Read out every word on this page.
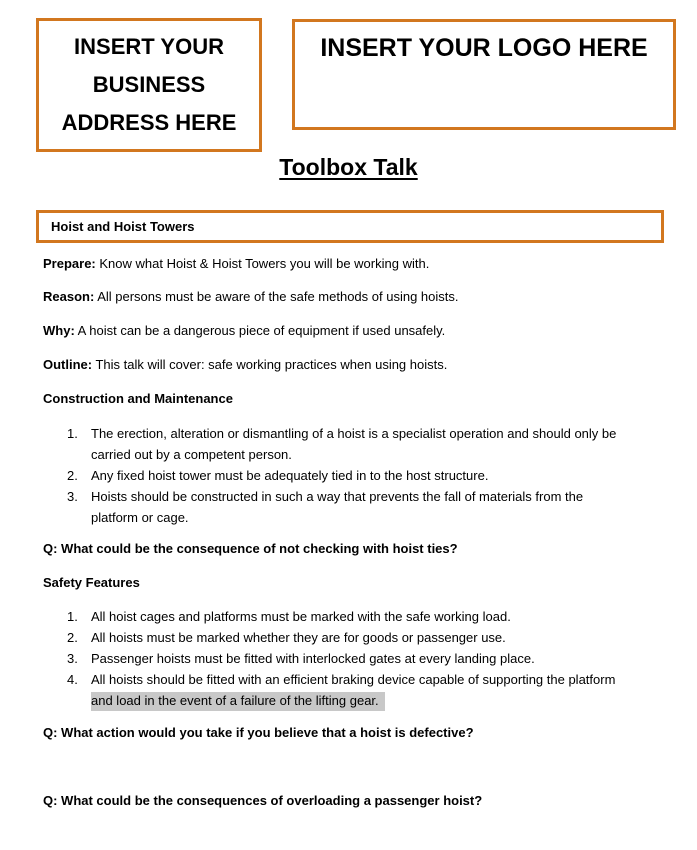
INSERT YOUR
BUSINESS
ADDRESS HERE
INSERT YOUR LOGO HERE
Toolbox Talk
Hoist and Hoist Towers
Prepare: Know what Hoist & Hoist Towers you will be working with.
Reason: All persons must be aware of the safe methods of using hoists.
Why: A hoist can be a dangerous piece of equipment if used unsafely.
Outline: This talk will cover: safe working practices when using hoists.
Construction and Maintenance
1. The erection, alteration or dismantling of a hoist is a specialist operation and should only be
carried out by a competent person.
2. Any fixed hoist tower must be adequately tied in to the host structure.
3. Hoists should be constructed in such a way that prevents the fall of materials from the
platform or cage.
Q: What could be the consequence of not checking with hoist ties?
Safety Features
1. All hoist cages and platforms must be marked with the safe working load.
2. All hoists must be marked whether they are for goods or passenger use.
3. Passenger hoists must be fitted with interlocked gates at every landing place.
4. All hoists should be fitted with an efficient braking device capable of supporting the platform
and load in the event of a failure of the lifting gear.
Q: What action would you take if you believe that a hoist is defective?
Q: What could be the consequences of overloading a passenger hoist?
